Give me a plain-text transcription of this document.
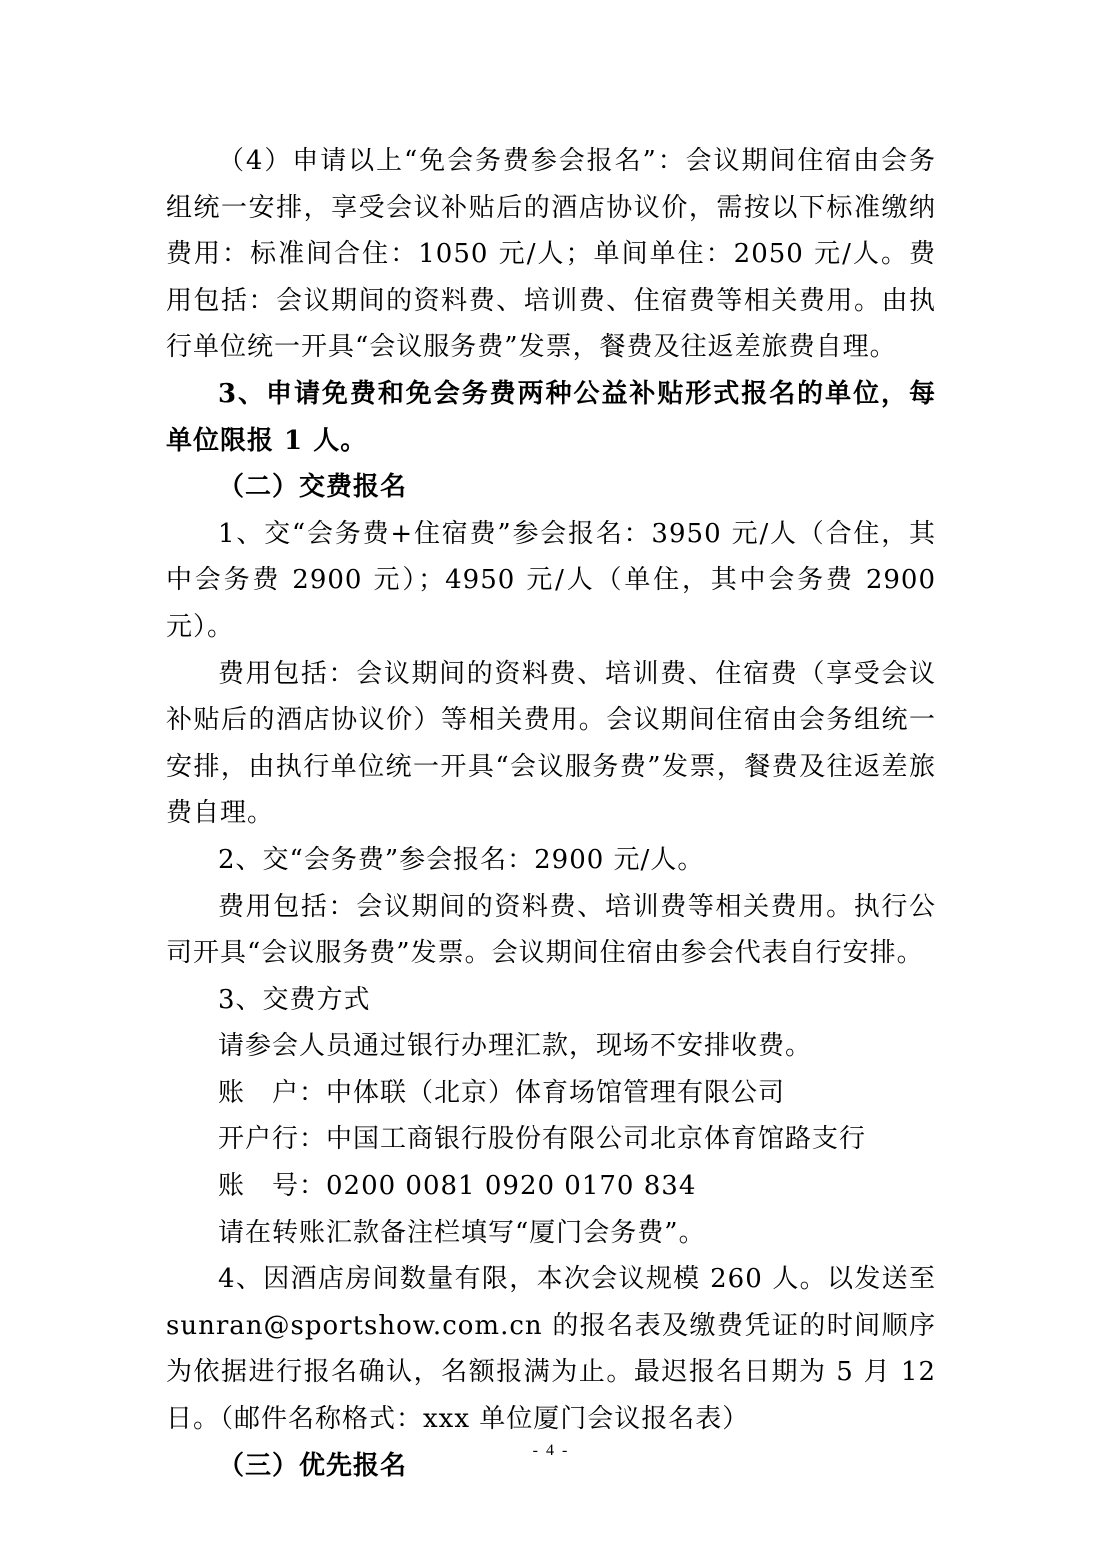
（4）申请以上“免会务费参会报名”：会议期间住宿由会务组统一安排，享受会议补贴后的酒店协议价，需按以下标准缴纳费用：标准间合住：1050 元/人；单间单住：2050 元/人。费用包括：会议期间的资料费、培训费、住宿费等相关费用。由执行单位统一开具“会议服务费”发票，餐费及往返差旅费自理。

3、申请免费和免会务费两种公益补贴形式报名的单位，每单位限报 1 人。

（二）交费报名

1、交“会务费+住宿费”参会报名：3950 元/人（合住，其中会务费 2900 元）；4950 元/人（单住，其中会务费 2900 元）。

费用包括：会议期间的资料费、培训费、住宿费（享受会议补贴后的酒店协议价）等相关费用。会议期间住宿由会务组统一安排，由执行单位统一开具“会议服务费”发票，餐费及往返差旅费自理。

2、交“会务费”参会报名：2900 元/人。

费用包括：会议期间的资料费、培训费等相关费用。执行公司开具“会议服务费”发票。会议期间住宿由参会代表自行安排。

3、交费方式

请参会人员通过银行办理汇款，现场不安排收费。

账　户：中体联（北京）体育场馆管理有限公司

开户行：中国工商银行股份有限公司北京体育馆路支行

账　号：0200 0081 0920 0170 834

请在转账汇款备注栏填写“厦门会务费”。

4、因酒店房间数量有限，本次会议规模 260 人。以发送至 sunran@sportshow.com.cn 的报名表及缴费凭证的时间顺序为依据进行报名确认，名额报满为止。最迟报名日期为 5 月 12 日。（邮件名称格式：xxx 单位厦门会议报名表）

（三）优先报名

- 4 -
